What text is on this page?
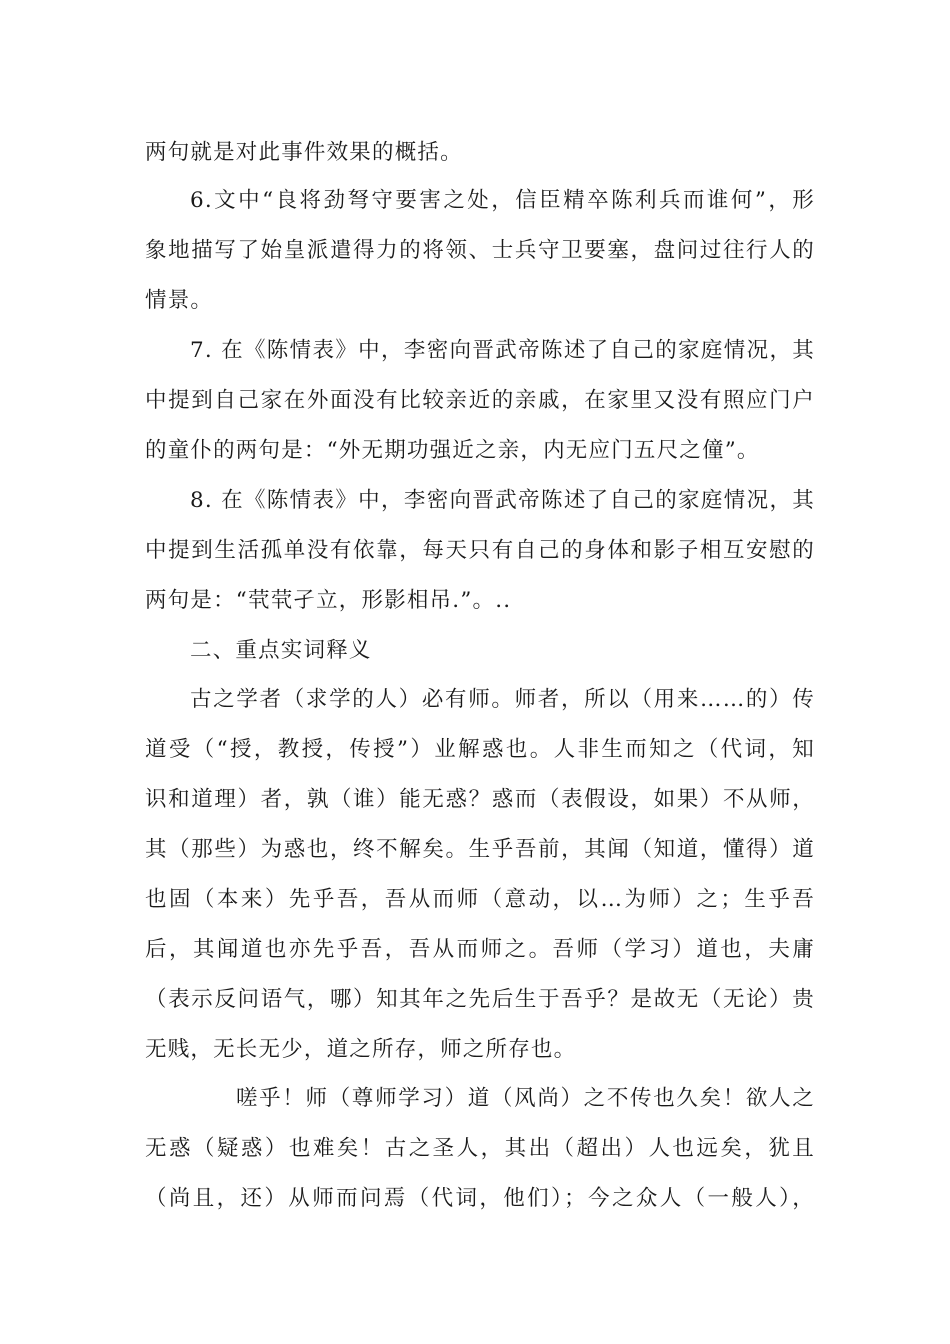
两句就是对此事件效果的概括。
6.文中“良将劲弩守要害之处，信臣精卒陈利兵而谁何”，形
象地描写了始皇派遣得力的将领、士兵守卫要塞，盘问过往行人的
情景。
7. 在《陈情表》中，李密向晋武帝陈述了自己的家庭情况，其
中提到自己家在外面没有比较亲近的亲戚，在家里又没有照应门户
的童仆的两句是：“外无期功强近之亲，内无应门五尺之僮”。
8. 在《陈情表》中，李密向晋武帝陈述了自己的家庭情况，其
中提到生活孤单没有依靠，每天只有自己的身体和影子相互安慰的
两句是：“茕茕孑立，形影相吊.”。..
二、重点实词释义
古之学者（求学的人）必有师。师者，所以（用来……的）传
道受（“授，教授，传授”）业解惑也。人非生而知之（代词，知
识和道理）者，孰（谁）能无惑？惑而（表假设，如果）不从师，
其（那些）为惑也，终不解矣。生乎吾前，其闻（知道，懂得）道
也固（本来）先乎吾，吾从而师（意动，以…为师）之；生乎吾
后，其闻道也亦先乎吾，吾从而师之。吾师（学习）道也，夫庸
（表示反问语气，哪）知其年之先后生于吾乎？是故无（无论）贵
无贱，无长无少，道之所存，师之所存也。
嗟乎！师（尊师学习）道（风尚）之不传也久矣！欲人之
无惑（疑惑）也难矣！古之圣人，其出（超出）人也远矣，犹且
（尚且，还）从师而问焉（代词，他们）；今之众人（一般人），
